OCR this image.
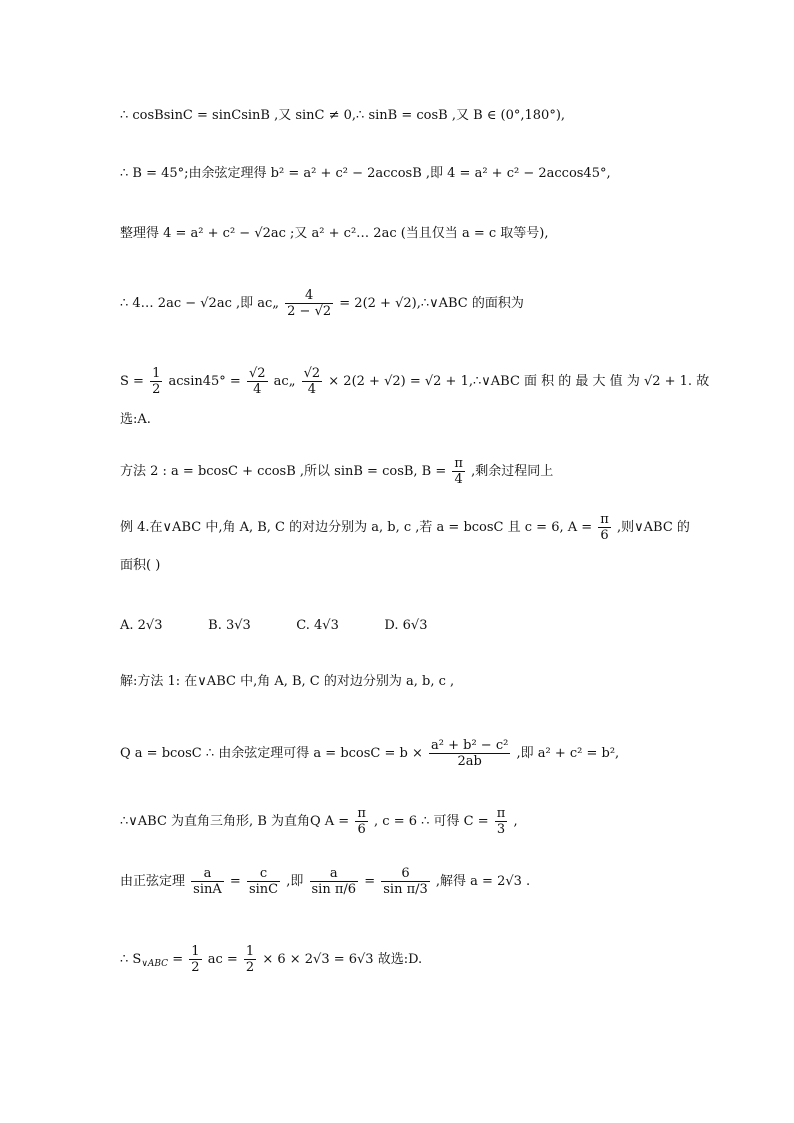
∴ cosBsinC = sinCsinB ,又 sinC ≠ 0,∴ sinB = cosB ,又 B ∈ (0°,180°),
∴ B = 45°;由余弦定理得 b² = a² + c² − 2accosB ,即 4 = a² + c² − 2accos45°,
整理得 4 = a² + c² − √2ac ;又 a² + c²… 2ac (当且仅当 a = c 取等号),
∴ 4… 2ac − √2ac ,即 ac„ $\frac{4}{2 - √2} = 2(2$ + √2),∴∨ABC 的面积为
$S = \frac{1}{2} acsin45^\circ = \frac{√2}{4}$ ac„ $\frac{√2}{4} \times 2(2 + √2) = √2$ + 1,∴∨ABC 面 积 的 最 大 值 为 √2 + 1. 故
选:A.
方法 2 : a = bcosC + ccosB ,所以 sinB = cosB, $B = \frac{\pi}{4}$ ,剩余过程同上
例 4.在∨ABC 中,角 A, B, C 的对边分别为 a, b, c ,若 a = bcosC 且 c = 6, $A = \frac{\pi}{6}$ ,则∨ABC 的
面积( )
A. 2√3	B. 3√3	C. 4√3	D. 6√3
解:方法 1: 在∨ABC 中,角 A, B, C 的对边分别为 a, b, c ,
Q a = bcosC ∴ 由余弦定理可得 $a = bcosC = b \times \frac{\text{a² + b² − c²}}{2ab}$ ,即 a² + c² = b²,
∴∨ABC 为直角三角形, B 为直角Q $A = \frac{\pi}{6}$ , c = 6 ∴ 可得 $C = \frac{\pi}{3}$ ,
由正弦定理 $\frac{a}{\sin A} = \frac{c}{\sin C}$ ,即 $\frac{a}{\text{sin π/6}} = \frac{6}{\text{sin π/3}}$ ,解得 a = 2√3 .
∴ $S_{\vee ABC} = \frac{1}{2}$ ac = $\frac{1}{2} \times 6 \times 2√3 = 6√3$ 故选:D.
